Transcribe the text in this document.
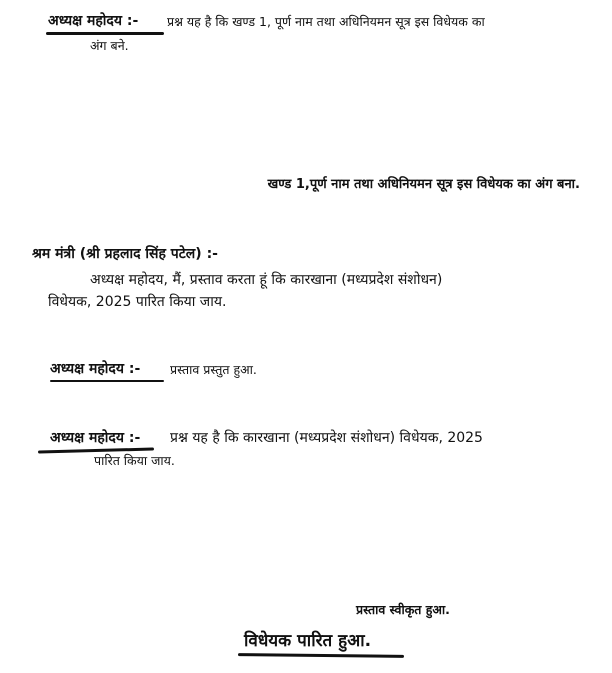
अध्यक्ष महोदय :- प्रश्न यह है कि खण्ड 1, पूर्ण नाम तथा अधिनियमन सूत्र इस विधेयक का
अंग बने.
खण्ड 1,पूर्ण नाम तथा अधिनियमन सूत्र इस विधेयक का अंग बना.
श्रम मंत्री (श्री प्रहलाद सिंह पटेल) :-
अध्यक्ष महोदय, मैं, प्रस्ताव करता हूं कि कारखाना (मध्यप्रदेश संशोधन)
विधेयक, 2025 पारित किया जाय.
अध्यक्ष महोदय :- प्रस्ताव प्रस्तुत हुआ.
अध्यक्ष महोदय :- प्रश्न यह है कि कारखाना (मध्यप्रदेश संशोधन) विधेयक, 2025
पारित किया जाय.
प्रस्ताव स्वीकृत हुआ.
विधेयक पारित हुआ.
